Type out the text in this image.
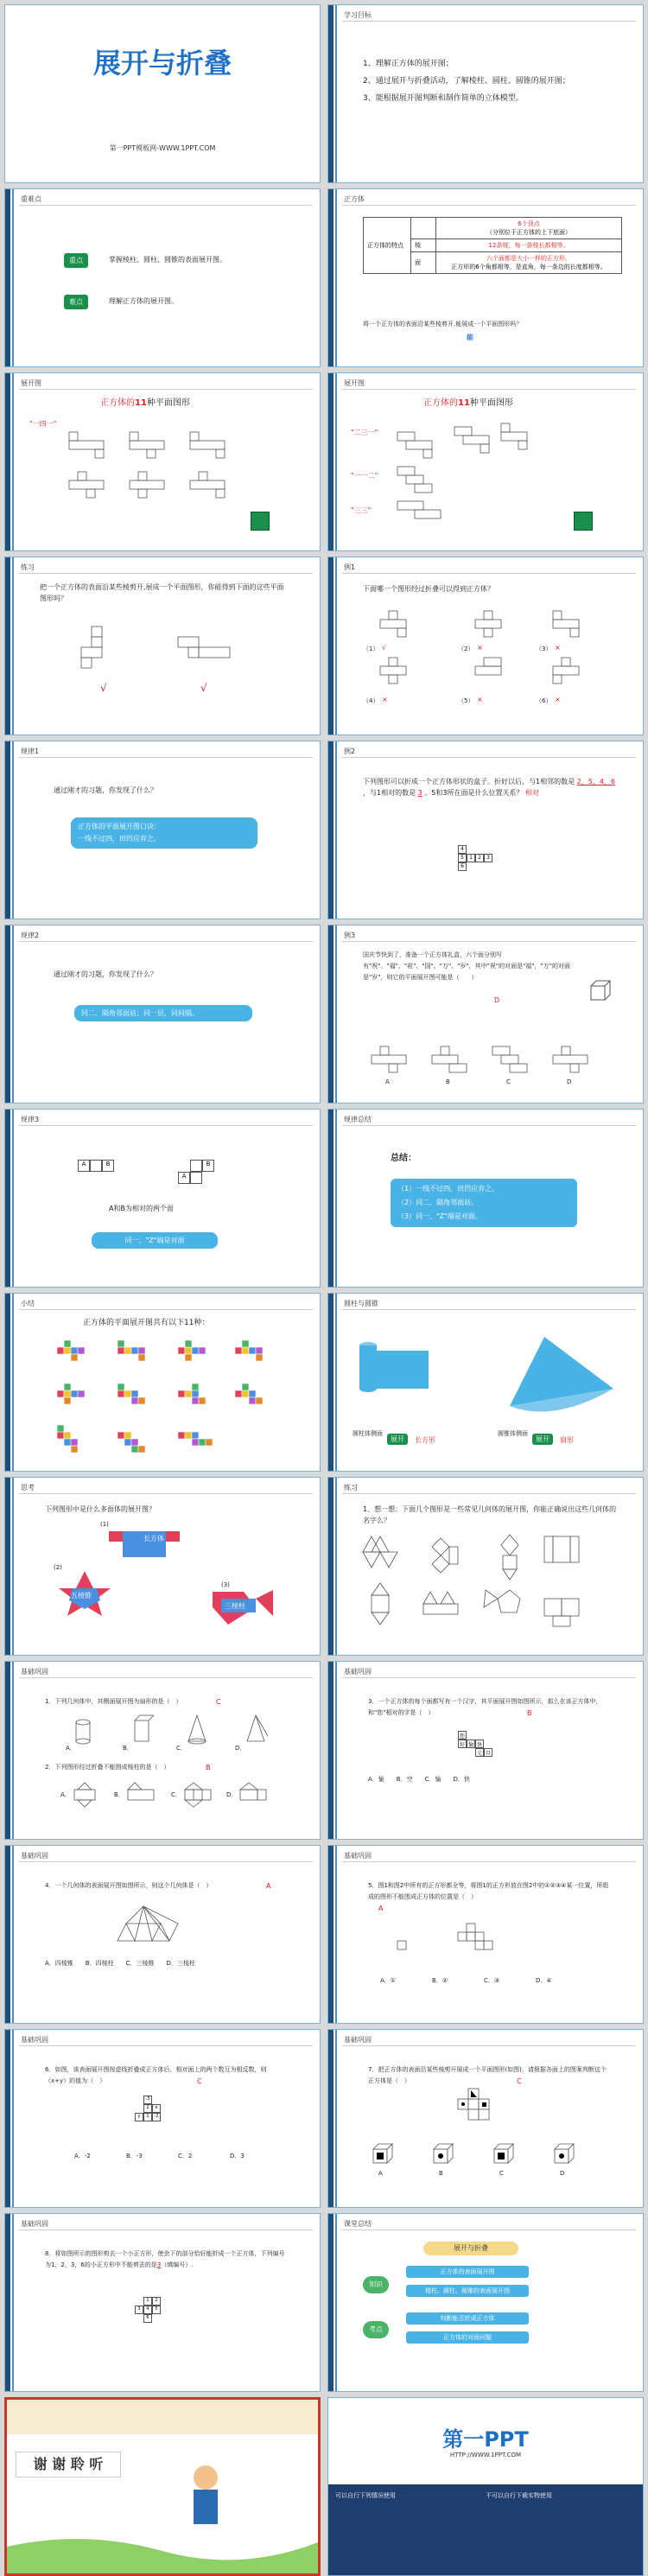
展开与折叠
第一PPT模板网-WWW.1PPT.COM
学习目标
1、理解正方体的展开图；
2、通过展开与折叠活动，了解棱柱、圆柱、圆锥的展开图；
3、能根据展开图判断和制作简单的立体模型。
重难点
重点	掌握棱柱、圆柱、圆锥的表面展开图。
难点	理解正方体的展开图。
正方体
正方体的特点		6个顶点
（分别位于正方体的上下底面）

	棱	12条棱，每一条棱长都相等。
	面	六个面都是大小一样的正方形。
正方形的6个角都相等，是直角，每一条边的长度都相等。
将一个正方体的表面沿某些棱剪开,能展成一个平面图形吗？
能
展开图
正方体的11种平面图形
"一四一"
展开图
正方体的11种平面图形
"二三一"
"一一二"
"三三"
练习
把一个正方体的表面沿某些棱剪开,展成一个平面图形，你能得到下面的这些平面图形吗？
√	√
例1
下面哪一个图形经过折叠可以得到正方体？
（1） √	（2） ×	（3） ×
（4） ×	（5） ×	（6） ×
规律1
通过刚才的习题，你发现了什么？
正方体的平面展开图口诀：
一线不过四，田凹应弃之。
例2
下列图形可以折成一个正方体形状的盒子。折好以后，与1相邻的数是 2、5、4、6 ，与1相对的数是 3 。5和3所在面是什么位置关系？ 相对
4
5	1	2	3
6
规律2
通过刚才的习题，你发现了什么？
同二、隔角邻面站；同一层，同间隔。
例3
国庆节快到了，准备一个正方体礼盒，六个面分别写有"祝"、"福"、"祖"、"国"、"万"、"岁"，其中"祝"的对面是"福"，"万"的对面是"岁"，则它的平面展开图可能是（　　）
D
A	B	C	D
规律3
A	B
A
B
A和B为相对的两个面
同一、"Z"端是对面
规律总结
总结：
（1）一线不过四，田凹应弃之。
（2）同二、隔角邻面站。
（3）同一、"Z"端是对面。
小结
正方体的平面展开图共有以下11种：
圆柱与圆锥
圆柱体侧面
展开	长方形
圆锥体侧面
展开	扇形
思考
下列图形中是什么多面体的展开图？
(1)
(2)
(3)
长方体
五棱锥
三棱柱
练习
1、想一想：下面几个图形是一些常见几何体的展开图，你能正确说出这些几何体的名字么？
基础巩固
1．下列几何体中，其侧面展开图为扇形的是（　）	C
A．	B．	C．	D．
2．下列图形经过折叠不能围成棱柱的是（　）	B
A．	B．	C．	D．
基础巩固
3．一个正方体的每个面都写有一个汉字，其平面展开图如图所示，那么在该正方体中，和"您"相对的字是（　）	B
您
好 愉 快
元 旦
A．愉　　B．空　　C．愉　　D．快
基础巩固
4．一个几何体的表面展开图如图所示，则这个几何体是（　）	A
A．四棱锥　　B．四棱柱　　C．三棱锥　　D．三棱柱
基础巩固
5．图1和图2中所有的正方形都全等，将图1的正方形放在图2中的①②③④某一位置，所组成的图形不能围成正方体的位置是（　）
A
A．①	B．②	C．③	D．④
基础巩固
6．如图，该表面展开图按虚线折叠成正方体后，相对面上的两个数互为相反数，则（x+y）的值为（　）	C
-3
2	x
y	1	-2
A．-2	B．-3	C．2	D．3
基础巩固
7．把正方体的表面沿某些棱剪开展成一个平面图形(如图)，请根据各面上的图案判断这个正方体是（　）	C
A	B	C	D
基础巩固
8．将如图所示的图形剪去一个小正方形，使余下的部分恰好能折成一个正方体，下列编号为1，2，3，6的小正方形中不能剪去的是3（填编号）.
1	2
3	4	5
6
课堂总结
展开与折叠
知识
正方体的表面展开图
棱柱、圆柱、圆锥的表面展开图
考点
判断能否折成正方体
正方体的对面问题
谢 谢 聆 听
第一PPT
HTTP://WWW.1PPT.COM
可以自行下列情况使用	不可以自行下载实物使用
